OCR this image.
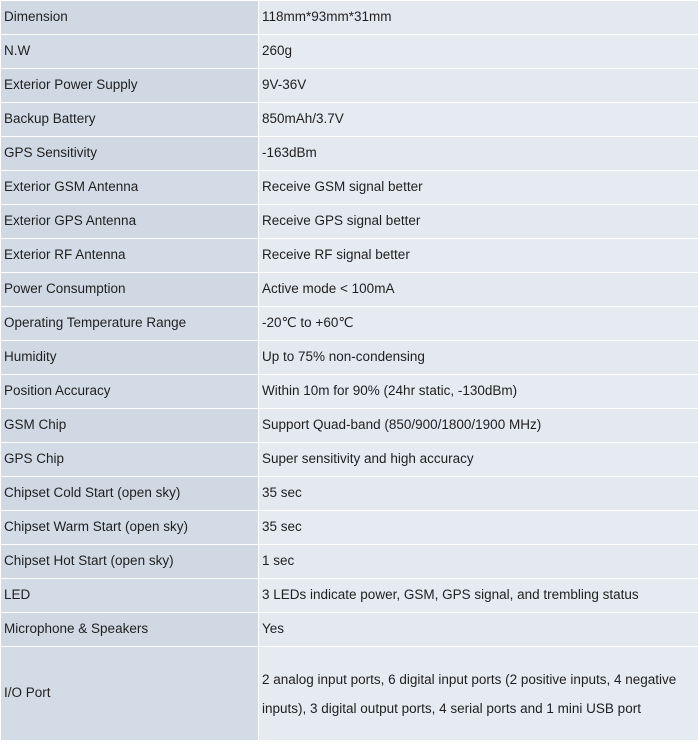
Dimension	118mm*93mm*31mm
N.W	260g
Exterior Power Supply	9V-36V
Backup Battery	850mAh/3.7V
GPS Sensitivity	-163dBm
Exterior GSM Antenna	Receive GSM signal better
Exterior GPS Antenna	Receive GPS signal better
Exterior RF Antenna	Receive RF signal better
Power Consumption	Active mode < 100mA
Operating Temperature Range	-20℃ to +60℃
Humidity	Up to 75% non-condensing
Position Accuracy	Within 10m for 90% (24hr static, -130dBm)
GSM Chip	Support Quad-band (850/900/1800/1900 MHz)
GPS Chip	Super sensitivity and high accuracy
Chipset Cold Start (open sky)	35 sec
Chipset Warm Start (open sky)	35 sec
Chipset Hot Start (open sky)	1 sec
LED	3 LEDs indicate power, GSM, GPS signal, and trembling status
Microphone & Speakers	Yes
I/O Port	2 analog input ports, 6 digital input ports (2 positive inputs, 4 negative inputs), 3 digital output ports, 4 serial ports and 1 mini USB port
